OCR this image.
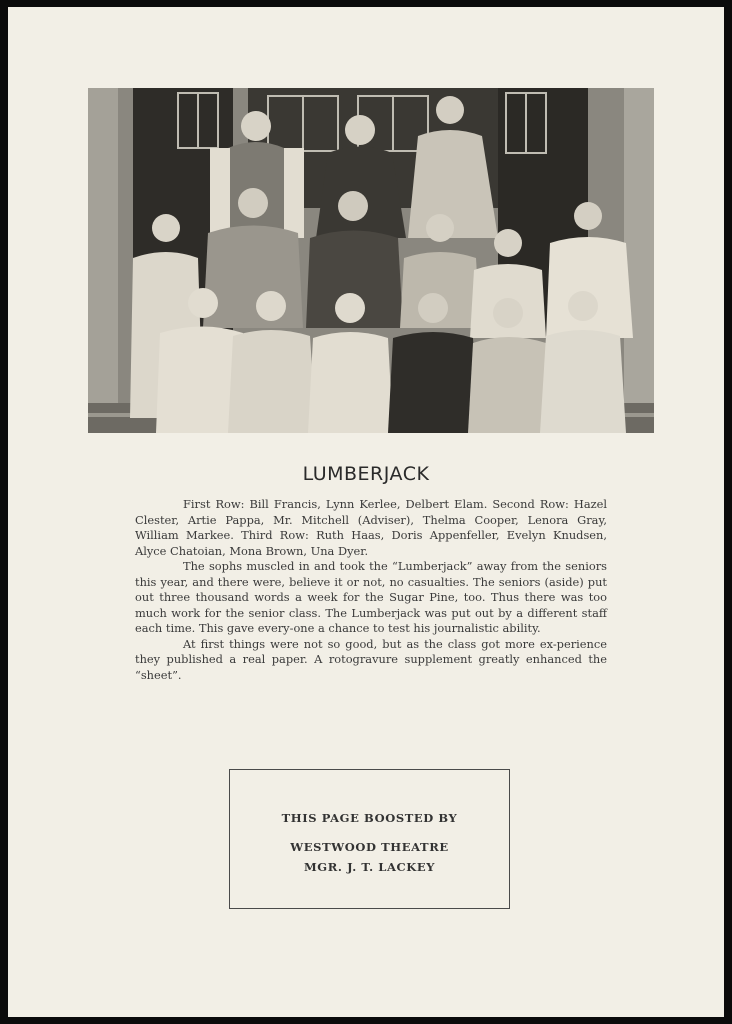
LUMBERJACK

First Row: Bill Francis, Lynn Kerlee, Delbert Elam. Second Row: Hazel Clester, Artie Pappa, Mr. Mitchell (Adviser), Thelma Cooper, Lenora Gray, William Markee. Third Row: Ruth Haas, Doris Appenfeller, Evelyn Knudsen, Alyce Chatoian, Mona Brown, Una Dyer.

The sophs muscled in and took the “Lumberjack” away from the seniors this year, and there were, believe it or not, no casualties. The seniors (aside) put out three thousand words a week for the Sugar Pine, too. Thus there was too much work for the senior class. The Lumberjack was put out by a different staff each time. This gave every-one a chance to test his journalistic ability.

At first things were not so good, but as the class got more ex-perience they published a real paper. A rotogravure supplement greatly enhanced the “sheet”.

THIS PAGE BOOSTED BY
WESTWOOD THEATRE
MGR. J. T. LACKEY
